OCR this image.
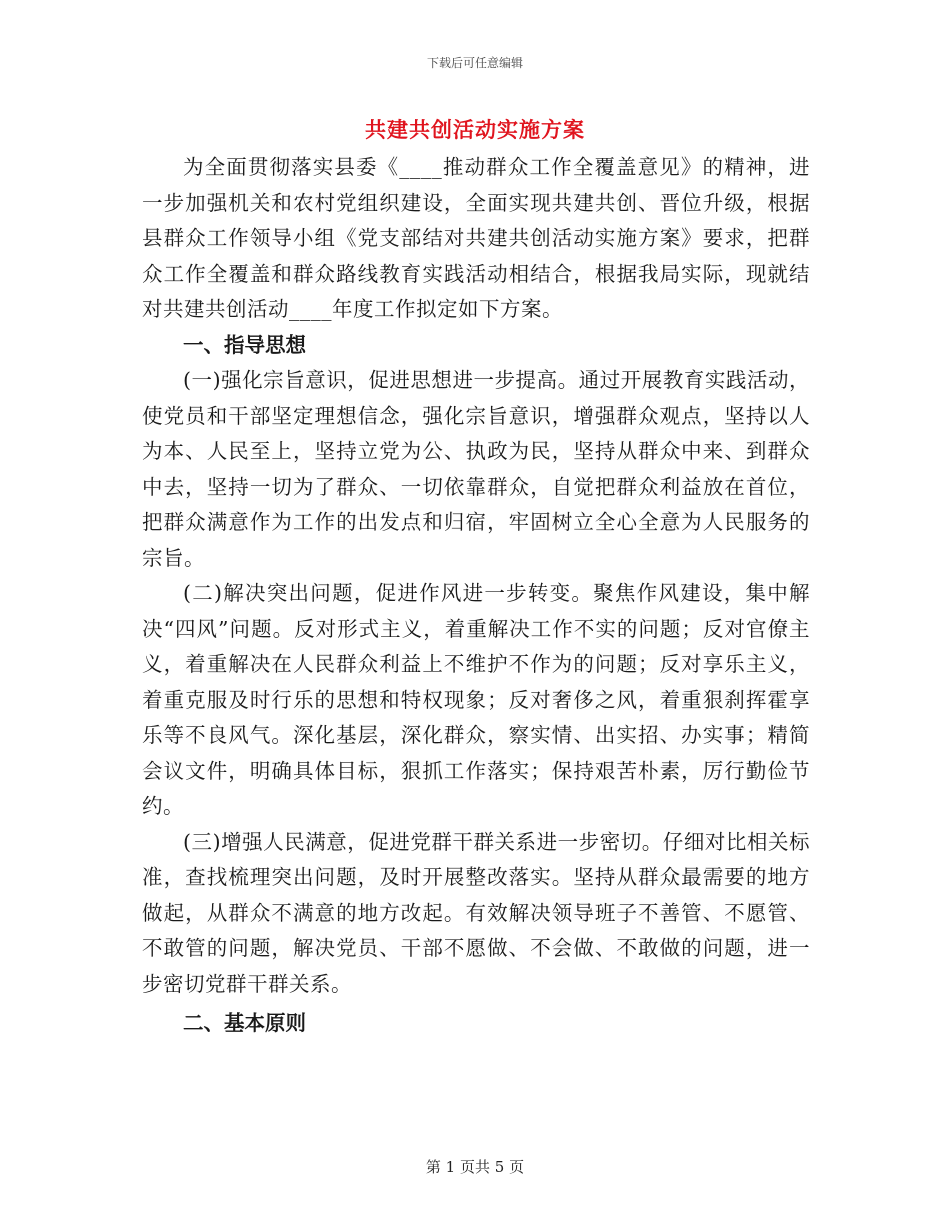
下载后可任意编辑
共建共创活动实施方案

为全面贯彻落实县委《____推动群众工作全覆盖意见》的精神，进一步加强机关和农村党组织建设，全面实现共建共创、晋位升级，根据县群众工作领导小组《党支部结对共建共创活动实施方案》要求，把群众工作全覆盖和群众路线教育实践活动相结合，根据我局实际，现就结对共建共创活动____年度工作拟定如下方案。

一、指导思想

(一)强化宗旨意识，促进思想进一步提高。通过开展教育实践活动，使党员和干部坚定理想信念，强化宗旨意识，增强群众观点，坚持以人为本、人民至上，坚持立党为公、执政为民，坚持从群众中来、到群众中去，坚持一切为了群众、一切依靠群众，自觉把群众利益放在首位，把群众满意作为工作的出发点和归宿，牢固树立全心全意为人民服务的宗旨。

(二)解决突出问题，促进作风进一步转变。聚焦作风建设，集中解决“四风”问题。反对形式主义，着重解决工作不实的问题；反对官僚主义，着重解决在人民群众利益上不维护不作为的问题；反对享乐主义，着重克服及时行乐的思想和特权现象；反对奢侈之风，着重狠刹挥霍享乐等不良风气。深化基层，深化群众，察实情、出实招、办实事；精简会议文件，明确具体目标，狠抓工作落实；保持艰苦朴素，厉行勤俭节约。

(三)增强人民满意，促进党群干群关系进一步密切。仔细对比相关标准，查找梳理突出问题，及时开展整改落实。坚持从群众最需要的地方做起，从群众不满意的地方改起。有效解决领导班子不善管、不愿管、不敢管的问题，解决党员、干部不愿做、不会做、不敢做的问题，进一步密切党群干群关系。

二、基本原则

第 1 页共 5 页
